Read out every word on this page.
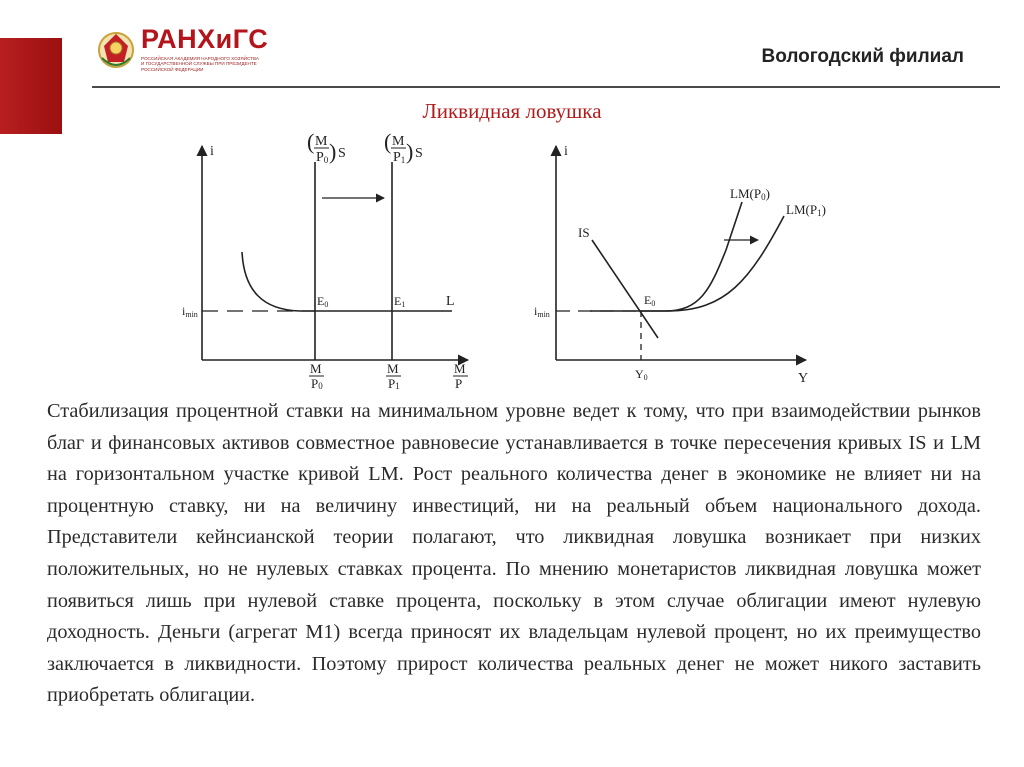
РАНХиГС
РОССИЙСКАЯ АКАДЕМИЯ НАРОДНОГО ХОЗЯЙСТВА И ГОСУДАРСТВЕННОЙ СЛУЖБЫ ПРИ ПРЕЗИДЕНТЕ РОССИЙСКОЙ ФЕДЕРАЦИИ
Вологодский филиал
Ликвидная ловушка
i
imin
L
( M
P0 ) S ( M
P1 ) S
E0	E1
M
P0
M
P1
M
P
i
Y
imin
IS
LM(P0)
LM(P1)
E0
Y0

Стабилизация процентной ставки на минимальном уровне ведет к тому, что при взаимодействии рынков благ и финансовых активов совместное равновесие устанавливается в точке пересечения кривых IS и LM на горизонтальном участке кривой LM. Рост реального количества денег в экономике не влияет ни на процентную ставку, ни на величину инвестиций, ни на реальный объем национального дохода. Представители кейнсианской теории полагают, что ликвидная ловушка возникает при низких положительных, но не нулевых ставках процента. По мнению монетаристов ликвидная ловушка может появиться лишь при нулевой ставке процента, поскольку в этом случае облигации имеют нулевую доходность. Деньги (агрегат M1) всегда приносят их владельцам нулевой процент, но их преимущество заключается в ликвидности. Поэтому прирост количества реальных денег не может никого заставить приобретать облигации.
